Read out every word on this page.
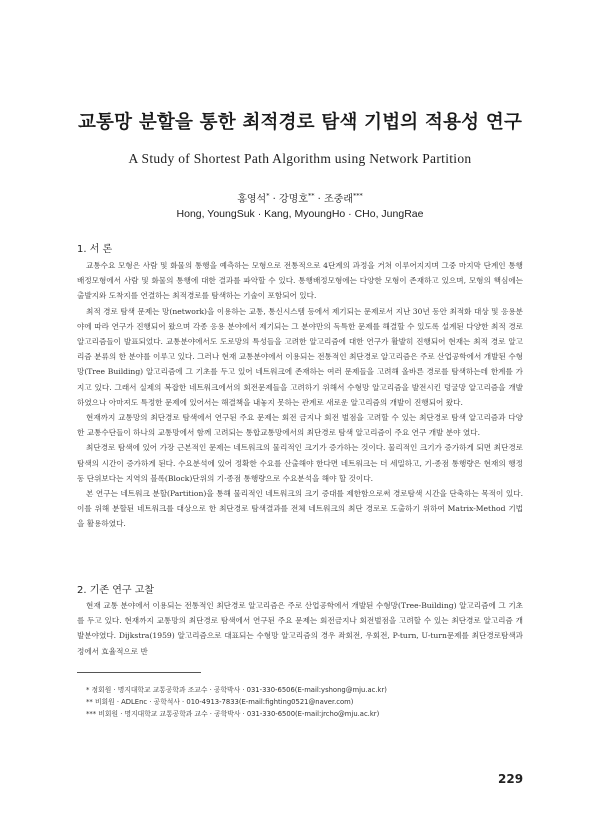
교통망 분할을 통한 최적경로 탐색 기법의 적용성 연구
A Study of Shortest Path Algorithm using Network Partition
홍영석* · 강명호** · 조중래***
Hong, YoungSuk · Kang, MyoungHo · CHo, JungRae
1. 서 론

교통수요 모형은 사람 및 화물의 통행을 예측하는 모형으로 전통적으로 4단계의 과정을 거쳐 이루어지지며 그중 마지막 단계인 통행배정모형에서 사람 및 화물의 통행에 대한 결과를 파악할 수 있다. 통행배정모형에는 다양한 모형이 존재하고 있으며, 모형의 핵심에는 출발지와 도착지를 연결하는 최적경로를 탐색하는 기술이 포함되어 있다.

최적 경로 탐색 문제는 망(network)을 이용하는 교통, 통신시스템 등에서 제기되는 문제로서 지난 30년 동안 최적화 대상 및 응용분야에 따라 연구가 진행되어 왔으며 각종 응용 분야에서 제기되는 그 분야만의 독특한 문제를 해결할 수 있도록 설계된 다양한 최적 경로 알고리즘들이 발표되었다. 교통분야에서도 도로망의 특성들을 고려한 알고리즘에 대한 연구가 활발히 진행되어 현재는 최적 경로 알고리즘 분류의 한 분야를 이루고 있다. 그러나 현재 교통분야에서 이용되는 전통적인 최단경로 알고리즘은 주로 산업공학에서 개발된 수형망(Tree Building) 알고리즘에 그 기초를 두고 있어 네트워크에 존재하는 여러 문제들을 고려해 올바른 경로를 탐색하는데 한계를 가지고 있다. 그래서 실제의 복잡한 네트워크에서의 회전문제들을 고려하기 위해서 수형망 알고리즘을 발전시킨 덩굴망 알고리즘을 개발하였으나 아마져도 특정한 문제에 있어서는 해결책을 내놓지 못하는 관계로 새로운 알고리즘의 개발이 진행되어 왔다.

현재까지 교통망의 최단경로 탐색에서 연구된 주요 문제는 회전 금지나 회전 벌점을 고려할 수 있는 최단경로 탐색 알고리즘과 다양한 교통수단들이 하나의 교통망에서 함께 고려되는 통합교통망에서의 최단경로 탐색 알고리즘이 주요 연구 개발 분야 였다.

최단경로 탐색에 있어 가장 근본적인 문제는 네트워크의 물리적인 크기가 증가하는 것이다. 물리적인 크기가 증가하게 되면 최단경로 탐색의 시간이 증가하게 된다. 수요분석에 있어 정확한 수요를 산출해야 한다면 네트워크는 더 세밀하고, 기·종점 통행량은 현재의 행정동 단위보다는 지역의 블록(Block)단위의 기·종점 통행량으로 수요분석을 해야 할 것이다.

본 연구는 네트워크 분할(Partition)을 통해 물리적인 네트워크의 크기 증대를 제한함으로써 경로탐색 시간을 단축하는 목적이 있다. 이를 위해 분할된 네트워크를 대상으로 한 최단경로 탐색결과를 전체 네트워크의 최단 경로로 도출하기 위하여 Matrix-Method 기법을 활용하였다.

2. 기존 연구 고찰

현재 교통 분야에서 이용되는 전통적인 최단경로 알고리즘은 주로 산업공학에서 개발된 수형망(Tree-Building) 알고리즘에 그 기초를 두고 있다. 현재까지 교통망의 최단경로 탐색에서 연구된 주요 문제는 회전금지나 회전벌점을 고려할 수 있는 최단경로 알고리즘 개발분야였다. Dijkstra(1959) 알고리즘으로 대표되는 수형망 알고리즘의 경우 좌회전, 우회전, P-turn, U-turn문제를 최단경로탐색과정에서 효율적으로 반

* 정회원 · 명지대학교 교통공학과 조교수 · 공학박사 · 031-330-6506(E-mail:yshong@mju.ac.kr)
** 비회원 · ADLEnc · 공학석사 · 010-4913-7833(E-mail:fighting0521@naver.com)
*** 비회원 · 명지대학교 교통공학과 교수 · 공학박사 · 031-330-6500(E-mail:jrcho@mju.ac.kr)
229
